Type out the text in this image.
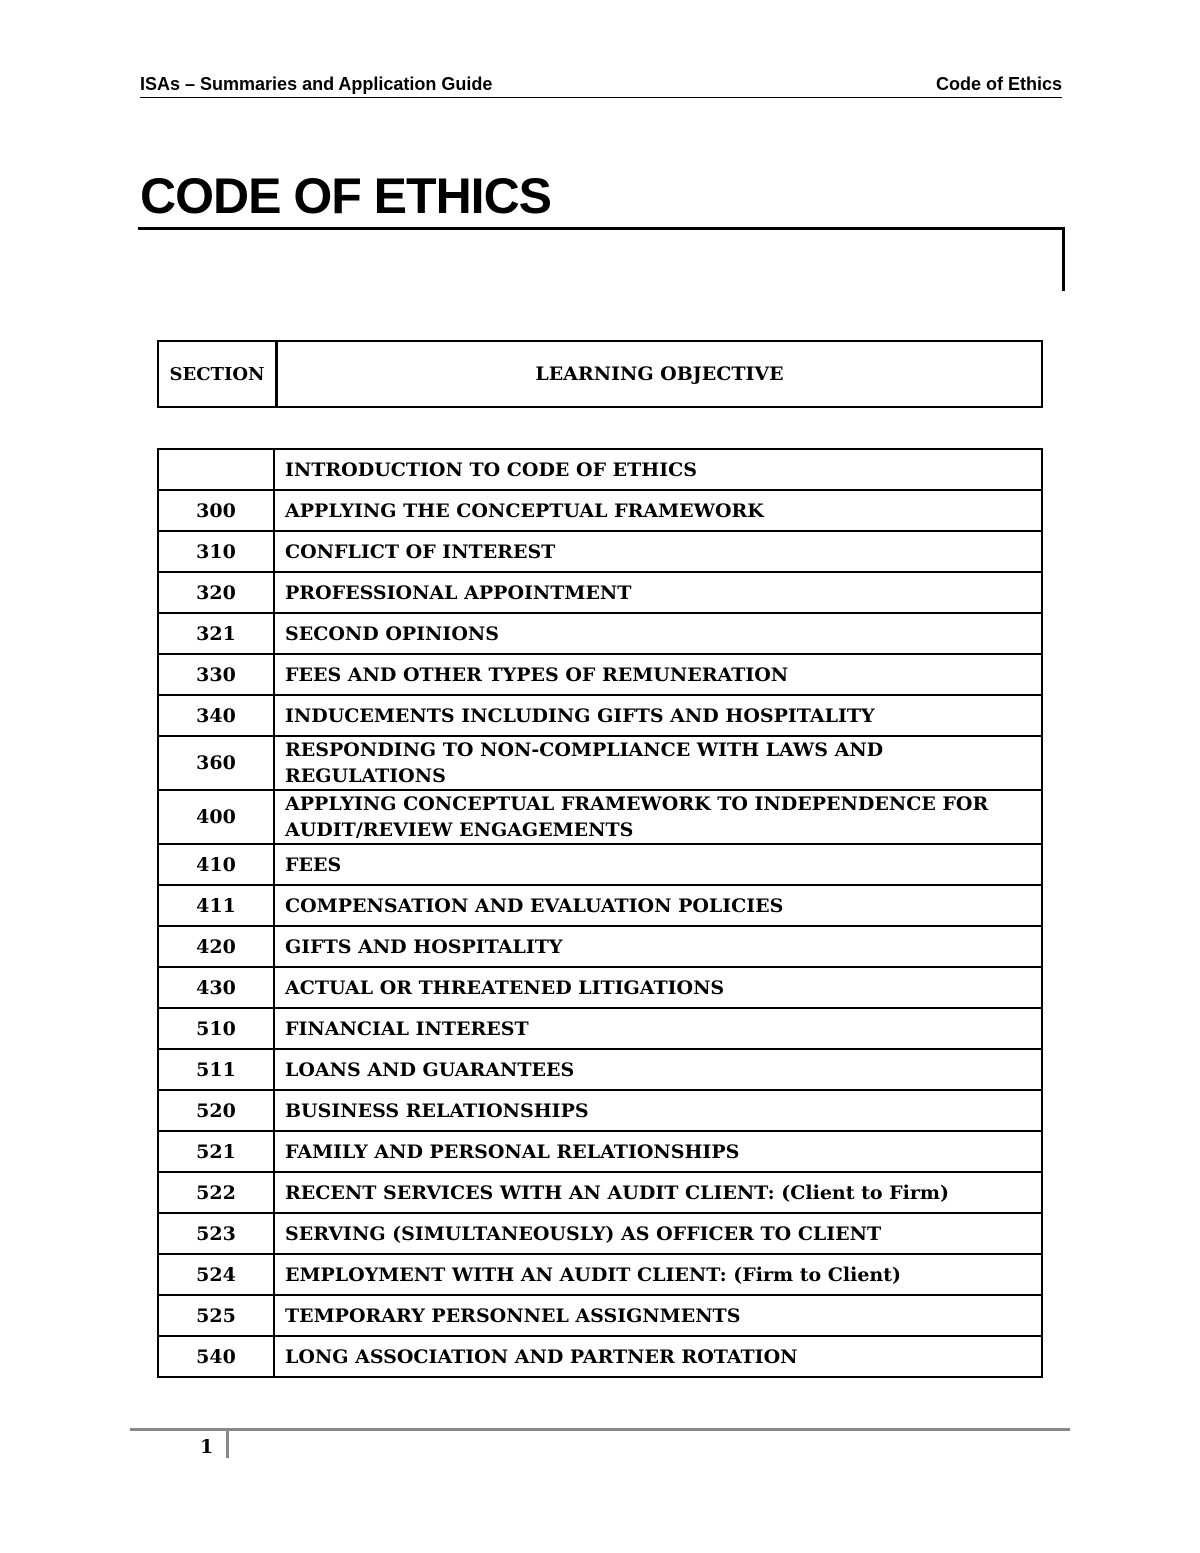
ISAs – Summaries and Application Guide	Code of Ethics
CODE OF ETHICS
SECTION	LEARNING OBJECTIVE
	INTRODUCTION TO CODE OF ETHICS
300	APPLYING THE CONCEPTUAL FRAMEWORK
310	CONFLICT OF INTEREST
320	PROFESSIONAL APPOINTMENT
321	SECOND OPINIONS
330	FEES AND OTHER TYPES OF REMUNERATION
340	INDUCEMENTS INCLUDING GIFTS AND HOSPITALITY
360	RESPONDING TO NON-COMPLIANCE WITH LAWS AND REGULATIONS
400	APPLYING CONCEPTUAL FRAMEWORK TO INDEPENDENCE FOR AUDIT/REVIEW ENGAGEMENTS
410	FEES
411	COMPENSATION AND EVALUATION POLICIES
420	GIFTS AND HOSPITALITY
430	ACTUAL OR THREATENED LITIGATIONS
510	FINANCIAL INTEREST
511	LOANS AND GUARANTEES
520	BUSINESS RELATIONSHIPS
521	FAMILY AND PERSONAL RELATIONSHIPS
522	RECENT SERVICES WITH AN AUDIT CLIENT: (Client to Firm)
523	SERVING (SIMULTANEOUSLY) AS OFFICER TO CLIENT
524	EMPLOYMENT WITH AN AUDIT CLIENT: (Firm to Client)
525	TEMPORARY PERSONNEL ASSIGNMENTS
540	LONG ASSOCIATION AND PARTNER ROTATION
1
